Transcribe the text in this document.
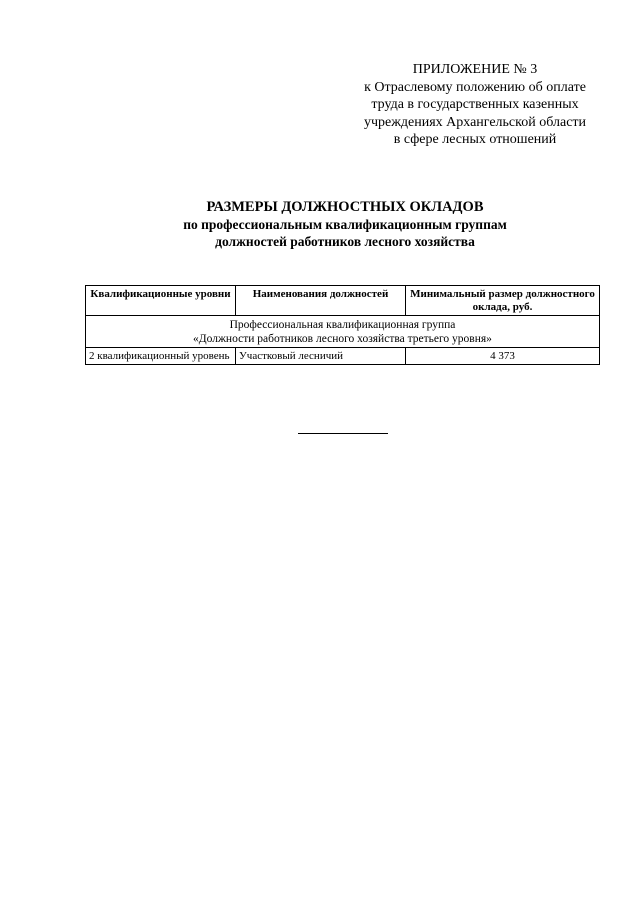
ПРИЛОЖЕНИЕ № 3
к Отраслевому положению об оплате
труда в государственных казенных
учреждениях Архангельской области
в сфере лесных отношений
РАЗМЕРЫ ДОЛЖНОСТНЫХ ОКЛАДОВ
по профессиональным квалификационным группам
должностей работников лесного хозяйства
Квалификационные уровни	Наименования должностей	Минимальный размер должностного оклада, руб.

Профессиональная квалификационная группа
«Должности работников лесного хозяйства третьего уровня»		

2 квалификационный уровень	Участковый лесничий	4 373
